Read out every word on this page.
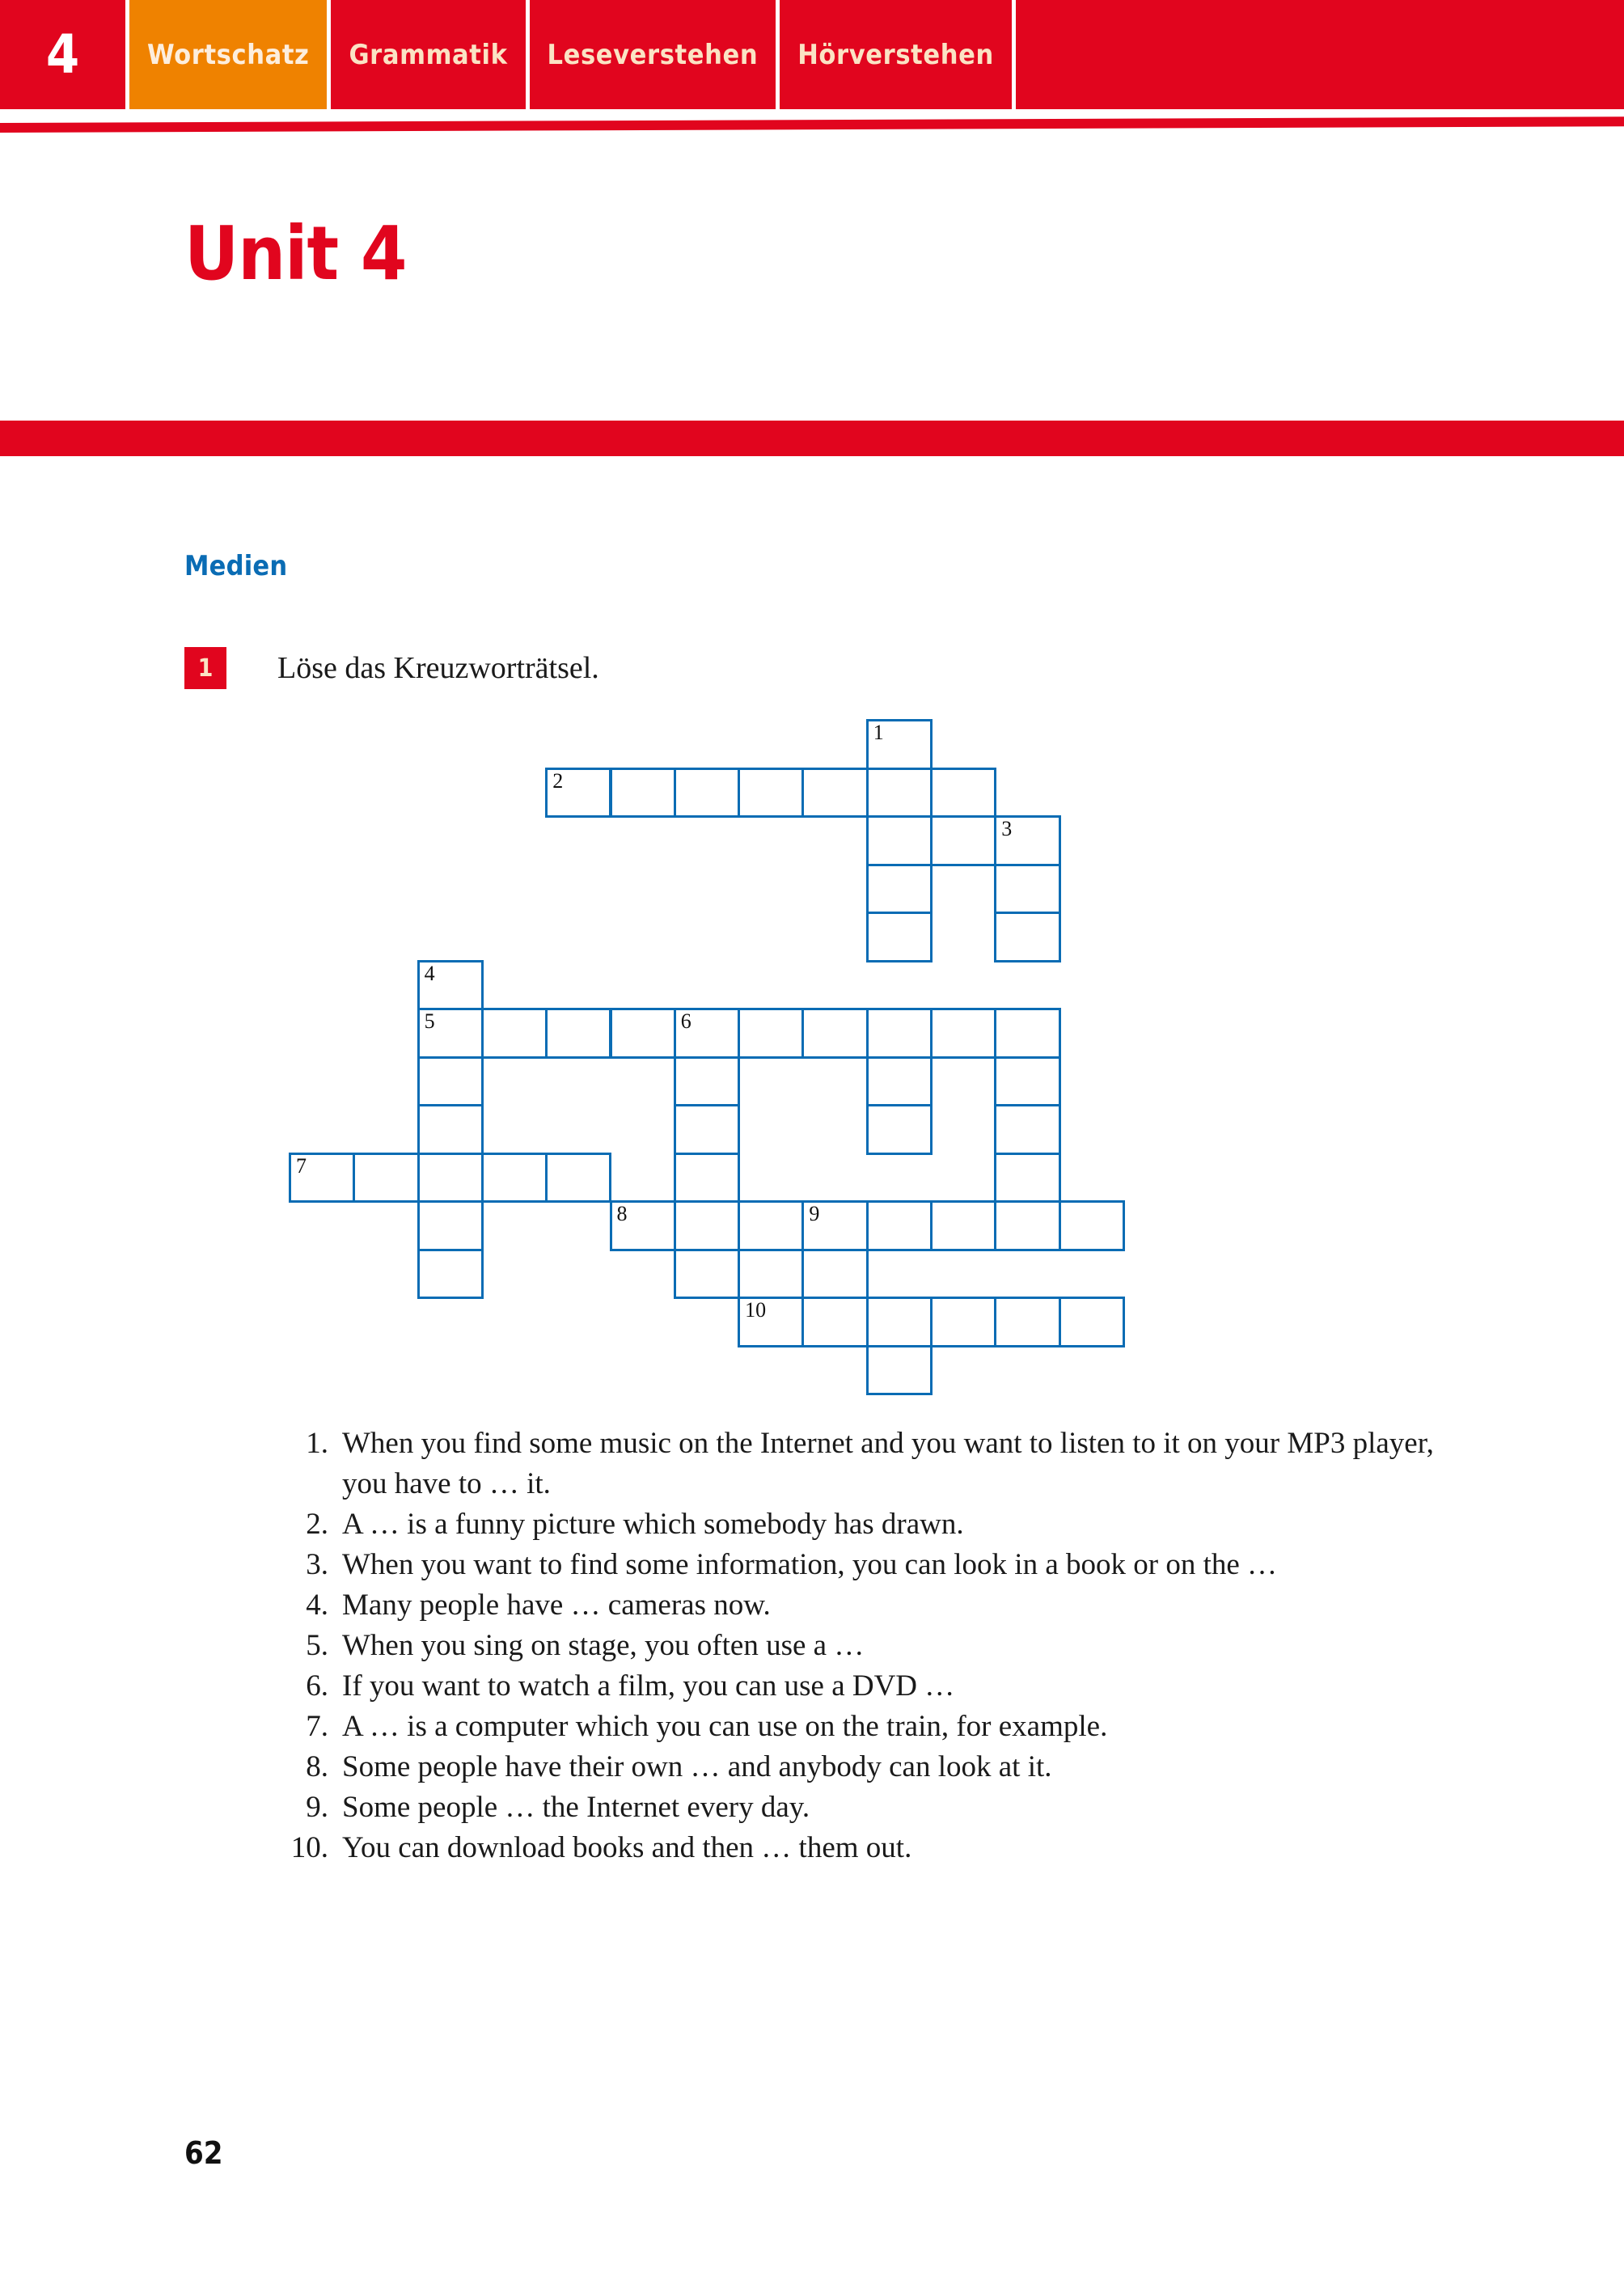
4	Wortschatz	Grammatik	Leseverstehen	Hörverstehen
Unit 4
Medien
1	Löse das Kreuzworträtsel.
1
2
3
4
5	6
7
8	9
10
1. When you find some music on the Internet and you want to listen to it on your MP3 player, you have to … it.
2. A … is a funny picture which somebody has drawn.
3. When you want to find some information, you can look in a book or on the …
4. Many people have … cameras now.
5. When you sing on stage, you often use a …
6. If you want to watch a film, you can use a DVD …
7. A … is a computer which you can use on the train, for example.
8. Some people have their own … and anybody can look at it.
9. Some people … the Internet every day.
10. You can download books and then … them out.
62
